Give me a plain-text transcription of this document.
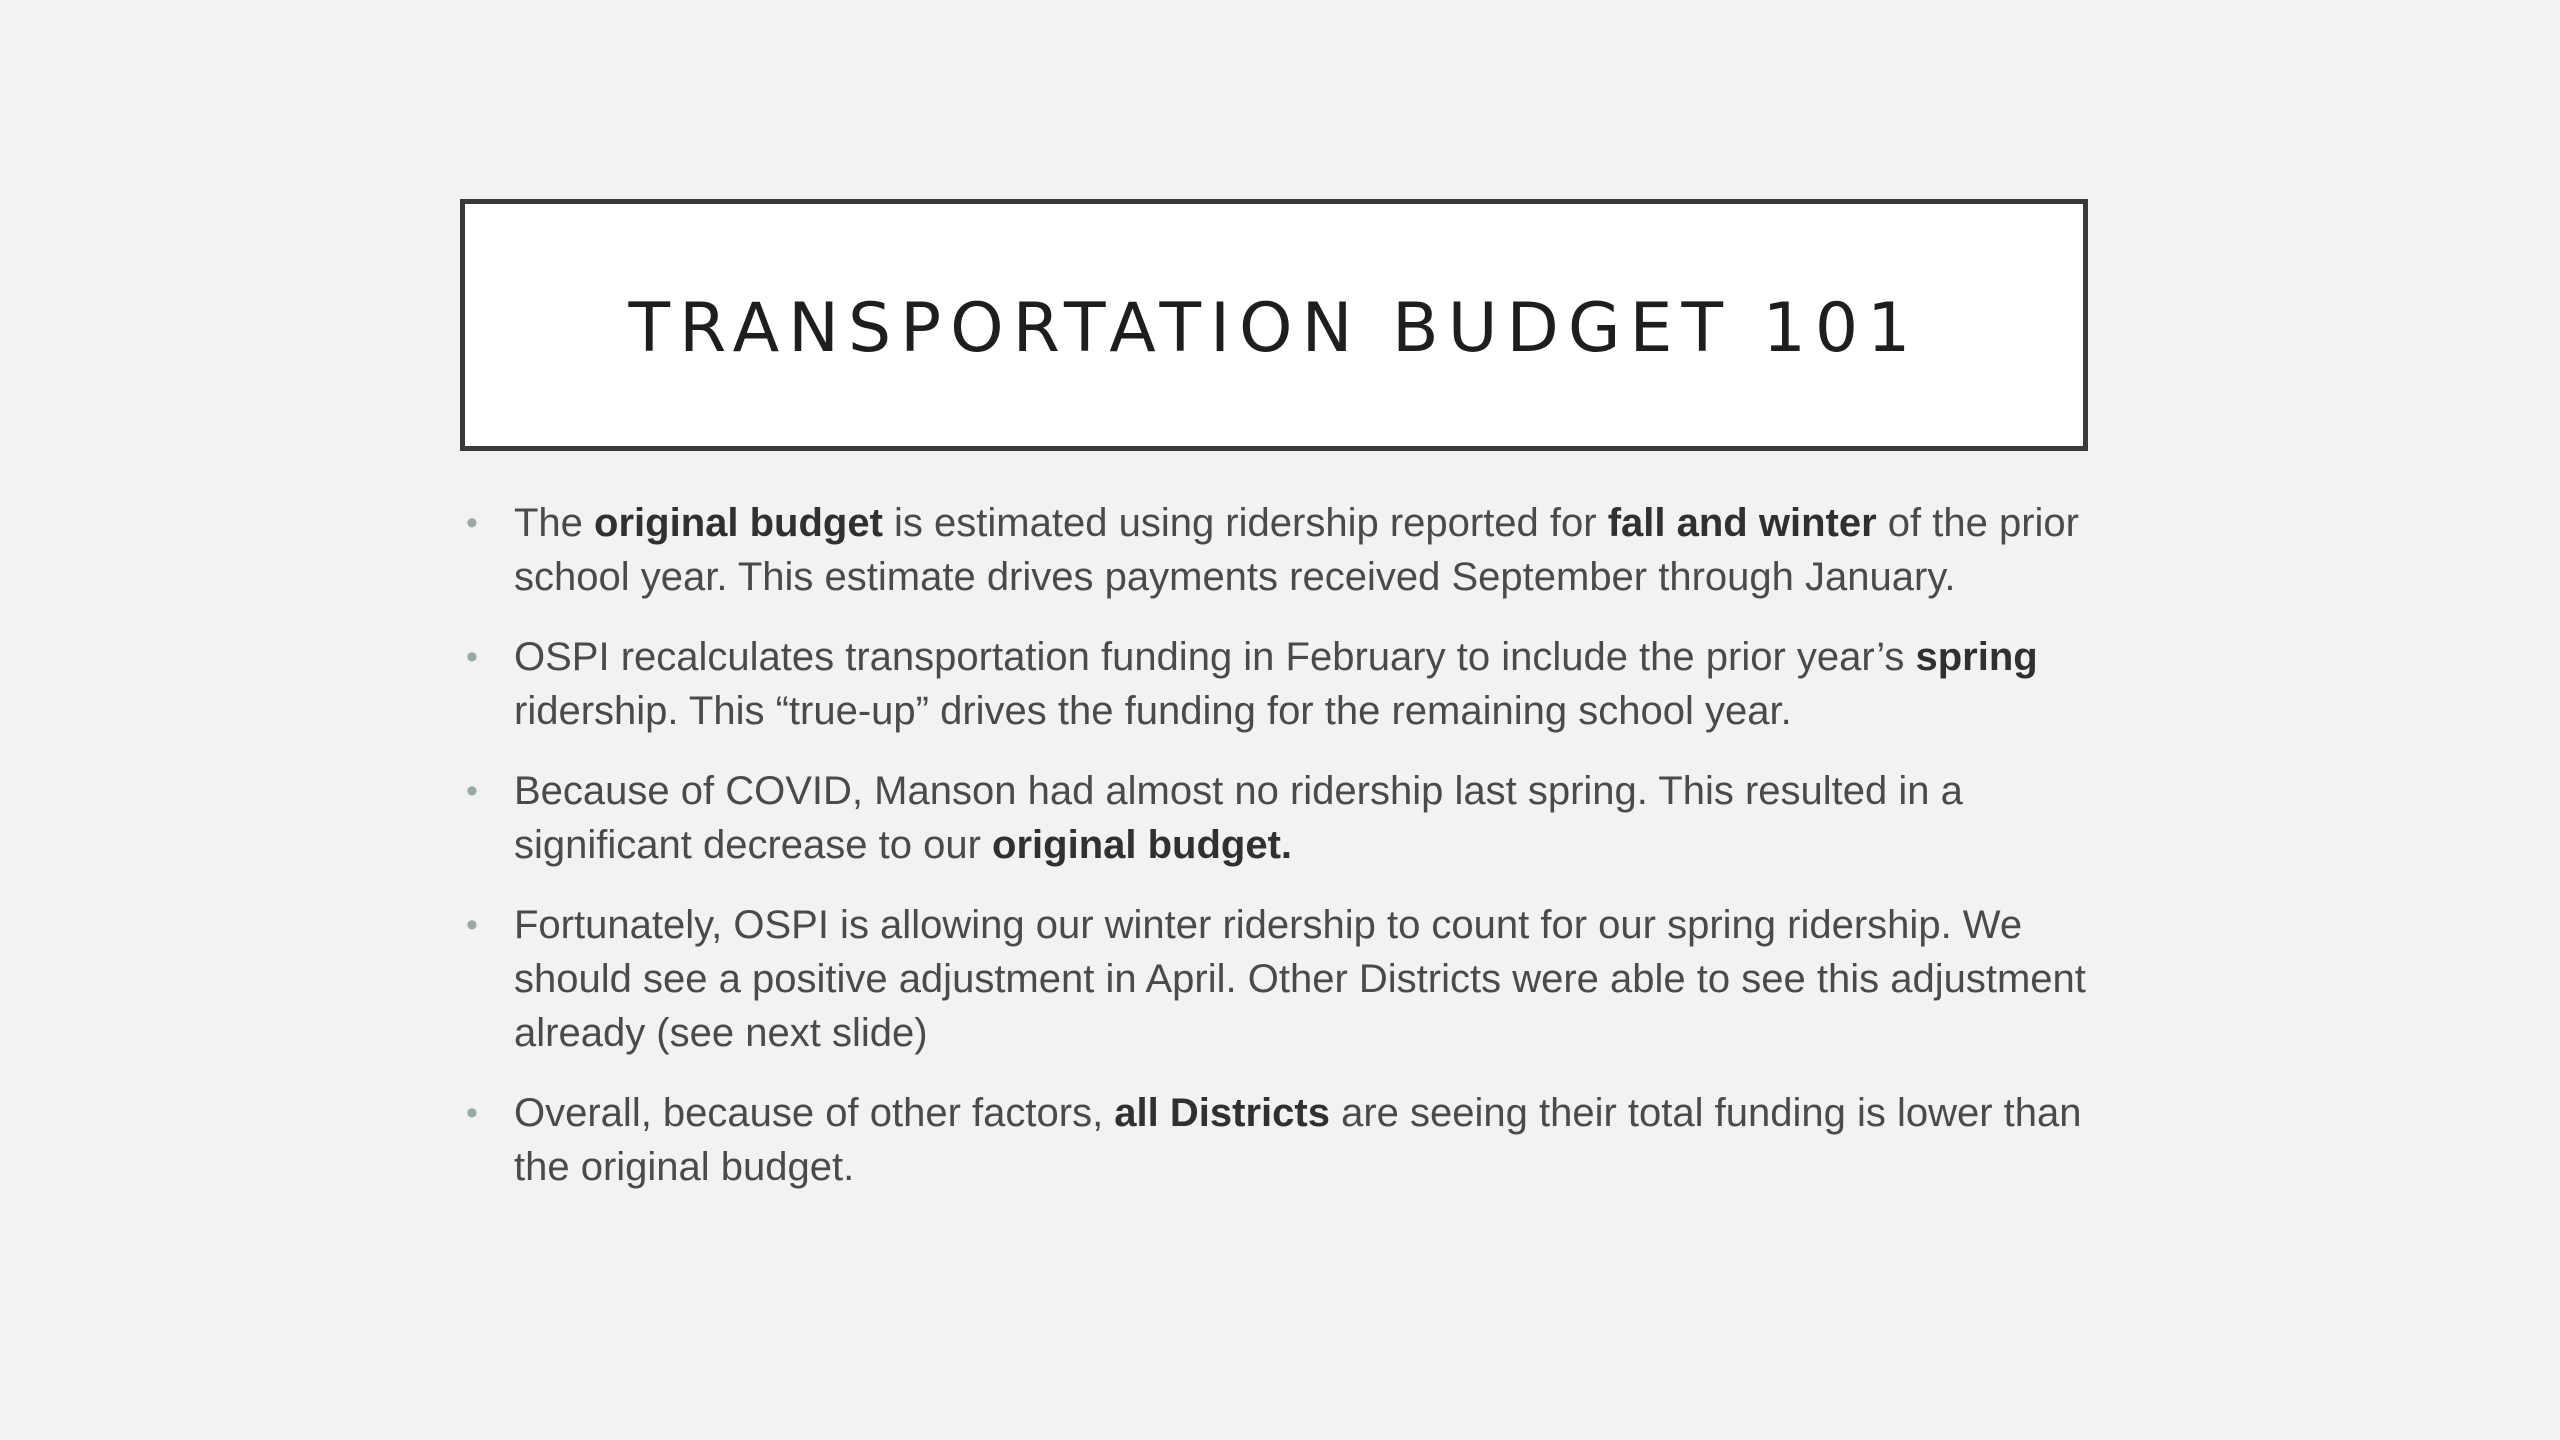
TRANSPORTATION BUDGET 101
• The original budget is estimated using ridership reported for fall and winter of the prior school year. This estimate drives payments received September through January.
• OSPI recalculates transportation funding in February to include the prior year’s spring ridership. This “true-up” drives the funding for the remaining school year.
• Because of COVID, Manson had almost no ridership last spring. This resulted in a significant decrease to our original budget.
• Fortunately, OSPI is allowing our winter ridership to count for our spring ridership. We should see a positive adjustment in April. Other Districts were able to see this adjustment already (see next slide)
• Overall, because of other factors, all Districts are seeing their total funding is lower than the original budget.
